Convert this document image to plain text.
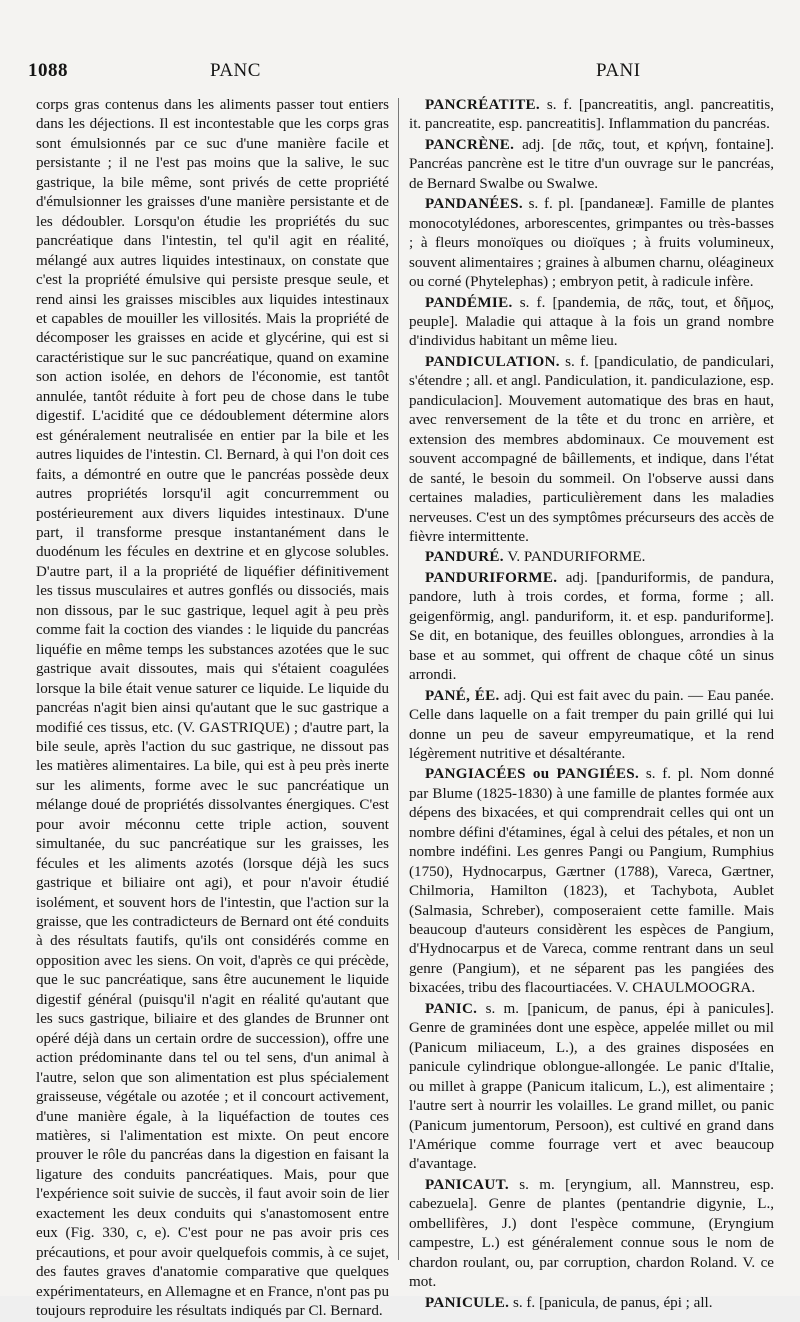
1088	PANC	PANI

corps gras contenus dans les aliments passer tout entiers dans les déjections. Il est incontestable que les corps gras sont émulsionnés par ce suc d'une manière facile et persistante ; il ne l'est pas moins que la salive, le suc gastrique, la bile même, sont privés de cette propriété d'émulsionner les graisses d'une manière persistante et de les dédoubler. Lorsqu'on étudie les propriétés du suc pancréatique dans l'intestin, tel qu'il agit en réalité, mélangé aux autres liquides intestinaux, on constate que c'est la propriété émulsive qui persiste presque seule, et rend ainsi les graisses miscibles aux liquides intestinaux et capables de mouiller les villosités. Mais la propriété de décomposer les graisses en acide et glycérine, qui est si caractéristique sur le suc pancréatique, quand on examine son action isolée, en dehors de l'économie, est tantôt annulée, tantôt réduite à fort peu de chose dans le tube digestif. L'acidité que ce dédoublement détermine alors est généralement neutralisée en entier par la bile et les autres liquides de l'intestin. Cl. Bernard, à qui l'on doit ces faits, a démontré en outre que le pancréas possède deux autres propriétés lorsqu'il agit concurremment ou postérieurement aux divers liquides intestinaux. D'une part, il transforme presque instantanément dans le duodénum les fécules en dextrine et en glycose solubles. D'autre part, il a la propriété de liquéfier définitivement les tissus musculaires et autres gonflés ou dissociés, mais non dissous, par le suc gastrique, lequel agit à peu près comme fait la coction des viandes : le liquide du pancréas liquéfie en même temps les substances azotées que le suc gastrique avait dissoutes, mais qui s'étaient coagulées lorsque la bile était venue saturer ce liquide. Le liquide du pancréas n'agit bien ainsi qu'autant que le suc gastrique a modifié ces tissus, etc. (V. GASTRIQUE) ; d'autre part, la bile seule, après l'action du suc gastrique, ne dissout pas les matières alimentaires. La bile, qui est à peu près inerte sur les aliments, forme avec le suc pancréatique un mélange doué de propriétés dissolvantes énergiques. C'est pour avoir méconnu cette triple action, souvent simultanée, du suc pancréatique sur les graisses, les fécules et les aliments azotés (lorsque déjà les sucs gastrique et biliaire ont agi), et pour n'avoir étudié isolément, et souvent hors de l'intestin, que l'action sur la graisse, que les contradicteurs de Bernard ont été conduits à des résultats fautifs, qu'ils ont considérés comme en opposition avec les siens. On voit, d'après ce qui précède, que le suc pancréatique, sans être aucunement le liquide digestif général (puisqu'il n'agit en réalité qu'autant que les sucs gastrique, biliaire et des glandes de Brunner ont opéré déjà dans un certain ordre de succession), offre une action prédominante dans tel ou tel sens, d'un animal à l'autre, selon que son alimentation est plus spécialement graisseuse, végétale ou azotée ; et il concourt activement, d'une manière égale, à la liquéfaction de toutes ces matières, si l'alimentation est mixte. On peut encore prouver le rôle du pancréas dans la digestion en faisant la ligature des conduits pancréatiques. Mais, pour que l'expérience soit suivie de succès, il faut avoir soin de lier exactement les deux conduits qui s'anastomosent entre eux (Fig. 330, c, e). C'est pour ne pas avoir pris ces précautions, et pour avoir quelquefois commis, à ce sujet, des fautes graves d'anatomie comparative que quelques expérimentateurs, en Allemagne et en France, n'ont pas pu toujours reproduire les résultats indiqués par Cl. Bernard.

PANCRÉATITE. s. f. [pancreatitis, angl. pancreatitis, it. pancreatite, esp. pancreatitis]. Inflammation du pancréas.

PANCRÈNE. adj. [de πᾶς, tout, et κρήνη, fontaine]. Pancréas pancrène est le titre d'un ouvrage sur le pancréas, de Bernard Swalbe ou Swalwe.

PANDANÉES. s. f. pl. [pandaneæ]. Famille de plantes monocotylédones, arborescentes, grimpantes ou très-basses ; à fleurs monoïques ou dioïques ; à fruits volumineux, souvent alimentaires ; graines à albumen charnu, oléagineux ou corné (Phytelephas) ; embryon petit, à radicule infère.

PANDÉMIE. s. f. [pandemia, de πᾶς, tout, et δῆμος, peuple]. Maladie qui attaque à la fois un grand nombre d'individus habitant un même lieu.

PANDICULATION. s. f. [pandiculatio, de pandiculari, s'étendre ; all. et angl. Pandiculation, it. pandiculazione, esp. pandiculacion]. Mouvement automatique des bras en haut, avec renversement de la tête et du tronc en arrière, et extension des membres abdominaux. Ce mouvement est souvent accompagné de bâillements, et indique, dans l'état de santé, le besoin du sommeil. On l'observe aussi dans certaines maladies, particulièrement dans les maladies nerveuses. C'est un des symptômes précurseurs des accès de fièvre intermittente.

PANDURÉ. V. PANDURIFORME.

PANDURIFORME. adj. [panduriformis, de pandura, pandore, luth à trois cordes, et forma, forme ; all. geigenförmig, angl. panduriform, it. et esp. panduriforme]. Se dit, en botanique, des feuilles oblongues, arrondies à la base et au sommet, qui offrent de chaque côté un sinus arrondi.

PANÉ, ÉE. adj. Qui est fait avec du pain. — Eau panée. Celle dans laquelle on a fait tremper du pain grillé qui lui donne un peu de saveur empyreumatique, et la rend légèrement nutritive et désaltérante.

PANGIACÉES ou PANGIÉES. s. f. pl. Nom donné par Blume (1825-1830) à une famille de plantes formée aux dépens des bixacées, et qui comprendrait celles qui ont un nombre défini d'étamines, égal à celui des pétales, et non un nombre indéfini. Les genres Pangi ou Pangium, Rumphius (1750), Hydnocarpus, Gærtner (1788), Vareca, Gærtner, Chilmoria, Hamilton (1823), et Tachybota, Aublet (Salmasia, Schreber), composeraient cette famille. Mais beaucoup d'auteurs considèrent les espèces de Pangium, d'Hydnocarpus et de Vareca, comme rentrant dans un seul genre (Pangium), et ne séparent pas les pangiées des bixacées, tribu des flacourtiacées. V. CHAULMOOGRA.

PANIC. s. m. [panicum, de panus, épi à panicules]. Genre de graminées dont une espèce, appelée millet ou mil (Panicum miliaceum, L.), a des graines disposées en panicule cylindrique oblongue-allongée. Le panic d'Italie, ou millet à grappe (Panicum italicum, L.), est alimentaire ; l'autre sert à nourrir les volailles. Le grand millet, ou panic (Panicum jumentorum, Persoon), est cultivé en grand dans l'Amérique comme fourrage vert et avec beaucoup d'avantage.

PANICAUT. s. m. [eryngium, all. Mannstreu, esp. cabezuela]. Genre de plantes (pentandrie digynie, L., ombellifères, J.) dont l'espèce commune, (Eryngium campestre, L.) est généralement connue sous le nom de chardon roulant, ou, par corruption, chardon Roland. V. ce mot.

PANICULE. s. f. [panicula, de panus, épi ; all.
